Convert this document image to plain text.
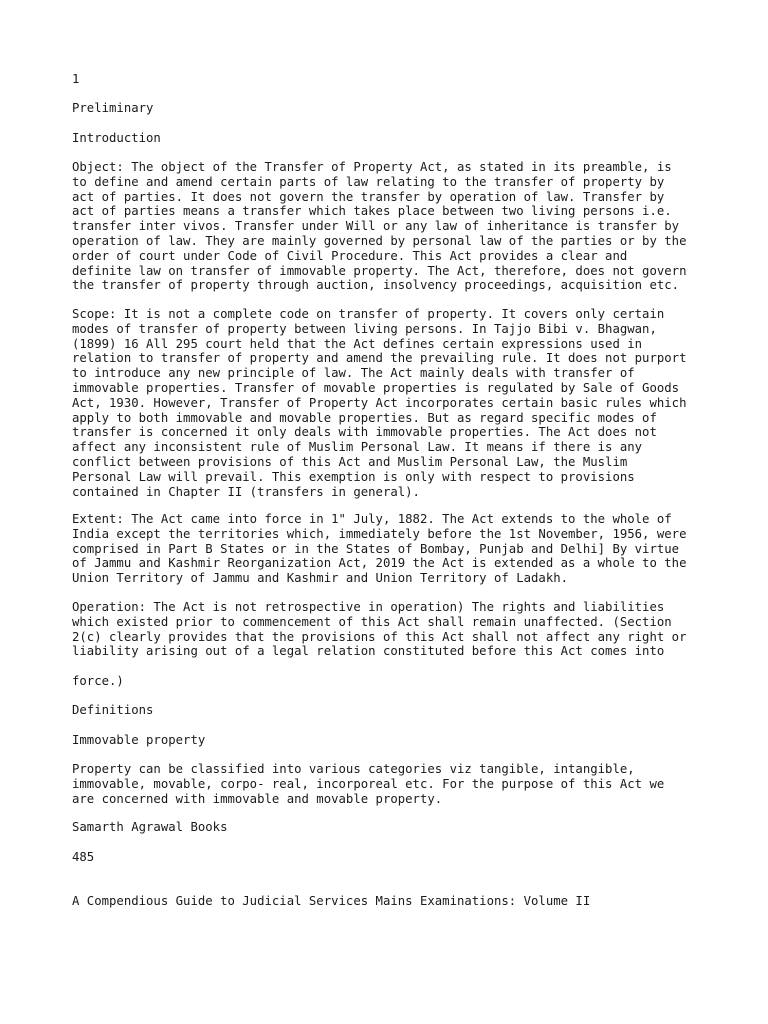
1
Preliminary
Introduction
Object: The object of the Transfer of Property Act, as stated in its preamble, is
to define and amend certain parts of law relating to the transfer of property by
act of parties. It does not govern the transfer by operation of law. Transfer by
act of parties means a transfer which takes place between two living persons i.e.
transfer inter vivos. Transfer under Will or any law of inheritance is transfer by
operation of law. They are mainly governed by personal law of the parties or by the
order of court under Code of Civil Procedure. This Act provides a clear and
definite law on transfer of immovable property. The Act, therefore, does not govern
the transfer of property through auction, insolvency proceedings, acquisition etc.
Scope: It is not a complete code on transfer of property. It covers only certain
modes of transfer of property between living persons. In Tajjo Bibi v. Bhagwan,
(1899) 16 All 295 court held that the Act defines certain expressions used in
relation to transfer of property and amend the prevailing rule. It does not purport
to introduce any new principle of law. The Act mainly deals with transfer of
immovable properties. Transfer of movable properties is regulated by Sale of Goods
Act, 1930. However, Transfer of Property Act incorporates certain basic rules which
apply to both immovable and movable properties. But as regard specific modes of
transfer is concerned it only deals with immovable properties. The Act does not
affect any inconsistent rule of Muslim Personal Law. It means if there is any
conflict between provisions of this Act and Muslim Personal Law, the Muslim
Personal Law will prevail. This exemption is only with respect to provisions
contained in Chapter II (transfers in general).
Extent: The Act came into force in 1" July, 1882. The Act extends to the whole of
India except the territories which, immediately before the 1st November, 1956, were
comprised in Part B States or in the States of Bombay, Punjab and Delhi] By virtue
of Jammu and Kashmir Reorganization Act, 2019 the Act is extended as a whole to the
Union Territory of Jammu and Kashmir and Union Territory of Ladakh.
Operation: The Act is not retrospective in operation) The rights and liabilities
which existed prior to commencement of this Act shall remain unaffected. (Section
2(c) clearly provides that the provisions of this Act shall not affect any right or
liability arising out of a legal relation constituted before this Act comes into
force.)
Definitions
Immovable property
Property can be classified into various categories viz tangible, intangible,
immovable, movable, corpo- real, incorporeal etc. For the purpose of this Act we
are concerned with immovable and movable property.
Samarth Agrawal Books
485
A Compendious Guide to Judicial Services Mains Examinations: Volume II
